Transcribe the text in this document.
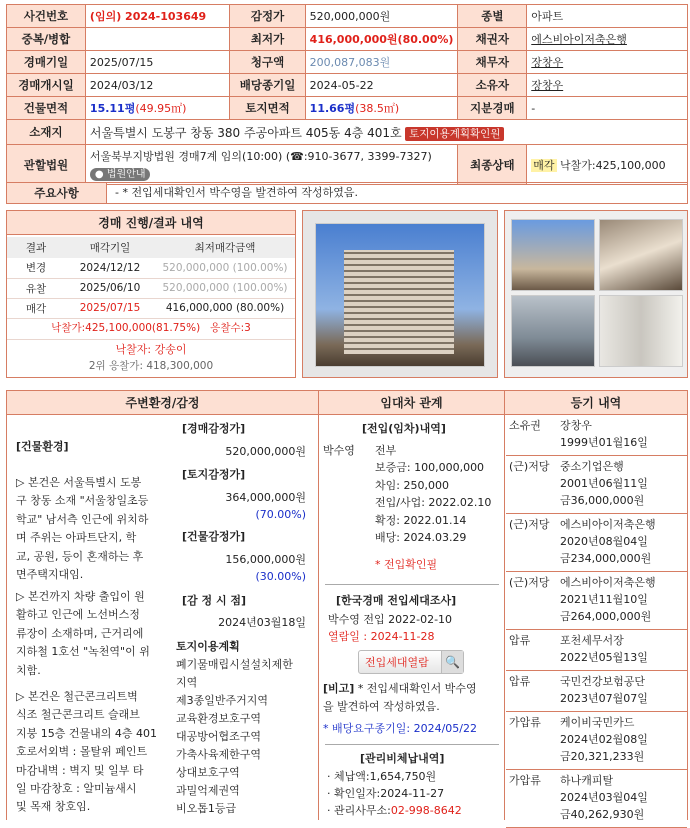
사건번호	(임의) 2024-103649	감정가	520,000,000원	종별	아파트
중복/병합		최저가	416,000,000원(80.00%)	채권자	에스비아이저축은행
경매기일	2025/07/15	청구액	200,087,083원	채무자	장창우
경매개시일	2024/03/12	배당종기일	2024-05-22	소유자	장창우
건물면적	15.11평(49.95㎡)	토지면적	11.66평(38.5㎡)	지분경매	-
소재지	서울특별시 도봉구 창동 380 주공아파트 405동 4층 401호 토지이용계획확인원				
관할법원	서울북부지방법원 경매7계 임의(10:00) (☎:910-3677, 3399-7327)
● 법원안내			최종상태	매각 낙찰가:425,100,000
주요사항	- * 전입세대확인서 박수영을 발견하여 작성하였음.
경매 진행/결과 내역
결과	매각기일	최저매각금액
변경	2024/12/12	520,000,000 (100.00%)
유찰	2025/06/10	520,000,000 (100.00%)
매각	2025/07/15	416,000,000 (80.00%)
낙찰가:425,100,000(81.75%)   응찰수:3
낙찰자: 강송이
2위 응찰가: 418,300,000
주변환경/감정
[건물환경]
▷ 본건은 서울특별시 도봉
구 창동 소재 "서울창일초등
학교" 남서측 인근에 위치하
며 주위는 아파트단지, 학
교, 공원, 등이 혼재하는 후
면주택지대임.
▷ 본건까지 차량 출입이 원
활하고 인근에 노선버스정
류장이 소재하며, 근거리에
지하철 1호선 "녹천역"이 위
치함.
▷ 본건은 철근콘크리트벽
식조 철근콘크리트 슬래브
지붕 15층 건물내의 4층 401
호로서외벽 : 몰탈위 페인트
마감내벽 : 벽지 및 일부 타
일 마감창호 : 알미늄새시
및 목재 창호임.
[경매감정가]
520,000,000원
[토지감정가]
364,000,000원
(70.00%)
[건물감정가]
156,000,000원
(30.00%)
[감 정 시 점]
2024년03월18일
토지이용계획
폐기물매립시설설치제한
지역
제3종일반주거지역
교육환경보호구역
대공방어협조구역
가축사육제한구역
상대보호구역
과밀억제권역
비오톱1등급
임대차 관계
[전입(임차)내역]
박수영 전부
보증금: 100,000,000
차임: 250,000
전입/사업: 2022.02.10
확정: 2022.01.14
배당: 2024.03.29
* 전입확인필
[한국경매 전입세대조사]
박수영 전입 2022-02-10
열람일 : 2024-11-28
전입세대열람	🔍
[비고] * 전입세대확인서 박수영
을 발견하여 작성하였음.
* 배당요구종기일: 2024/05/22
[관리비체납내역]
· 체납액:1,654,750원
· 확인일자:2024-11-27
· 관리사무소:02-998-8642
등기 내역
소유권	장창우
1999년01월16일
(근)저당 중소기업은행
2001년06월11일
금36,000,000원
(근)저당 에스비아이저축은행
2020년08월04일
금234,000,000원
(근)저당 에스비아이저축은행
2021년11월10일
금264,000,000원
압류	포천세무서장
2022년05월13일
압류	국민건강보험공단
2023년07월07일
가압류	케이비국민카드
2024년02월08일
금20,321,233원
가압류	하나캐피탈
2024년03월04일
금40,262,930원
